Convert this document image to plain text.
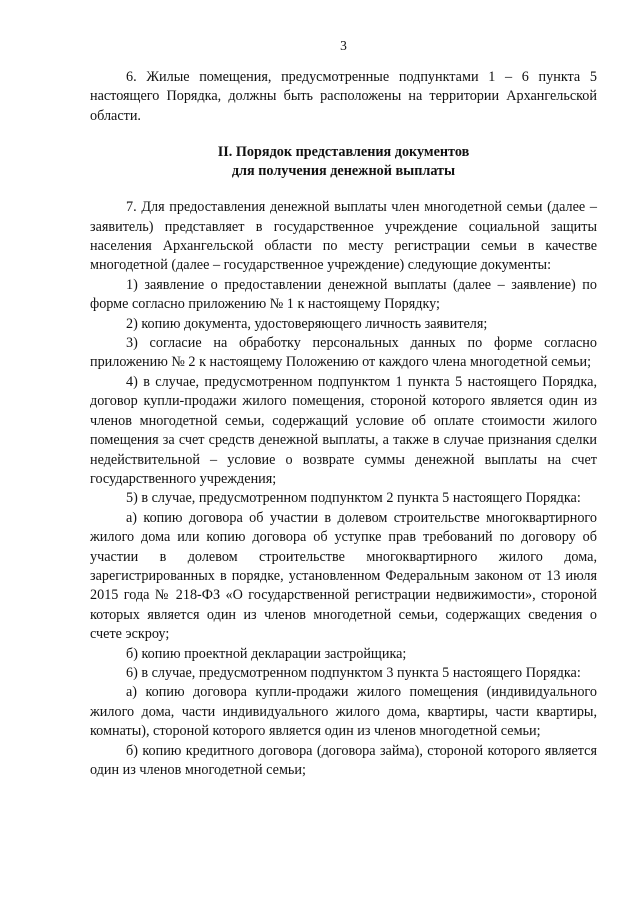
3

6. Жилые помещения, предусмотренные подпунктами 1 – 6 пункта 5 настоящего Порядка, должны быть расположены на территории Архангельской области.

II. Порядок представления документов
для получения денежной выплаты

7. Для предоставления денежной выплаты член многодетной семьи (далее – заявитель) представляет в государственное учреждение социальной защиты населения Архангельской области по месту регистрации семьи в качестве многодетной (далее – государственное учреждение) следующие документы:

1) заявление о предоставлении денежной выплаты (далее – заявление) по форме согласно приложению № 1 к настоящему Порядку;

2) копию документа, удостоверяющего личность заявителя;

3) согласие на обработку персональных данных по форме согласно приложению № 2 к настоящему Положению от каждого члена многодетной семьи;

4) в случае, предусмотренном подпунктом 1 пункта 5 настоящего Порядка, договор купли-продажи жилого помещения, стороной которого является один из членов многодетной семьи, содержащий условие об оплате стоимости жилого помещения за счет средств денежной выплаты, а также в случае признания сделки недействительной – условие о возврате суммы денежной выплаты на счет государственного учреждения;

5) в случае, предусмотренном подпунктом 2 пункта 5 настоящего Порядка:

а) копию договора об участии в долевом строительстве многоквартирного жилого дома или копию договора об уступке прав требований по договору об участии в долевом строительстве многоквартирного жилого дома, зарегистрированных в порядке, установленном Федеральным законом от 13 июля 2015 года № 218-ФЗ «О государственной регистрации недвижимости», стороной которых является один из членов многодетной семьи, содержащих сведения о счете эскроу;

б) копию проектной декларации застройщика;

6) в случае, предусмотренном подпунктом 3 пункта 5 настоящего Порядка:

а) копию договора купли-продажи жилого помещения (индивидуального жилого дома, части индивидуального жилого дома, квартиры, части квартиры, комнаты), стороной которого является один из членов многодетной семьи;

б) копию кредитного договора (договора займа), стороной которого является один из членов многодетной семьи;
